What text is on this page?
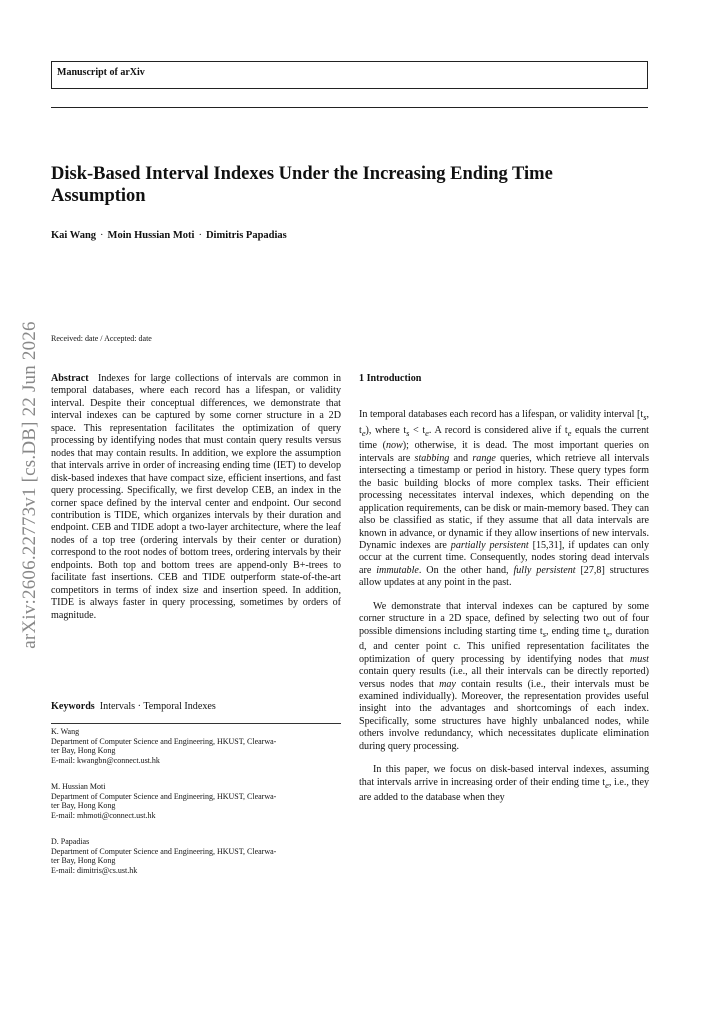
Manuscript of arXiv
Disk-Based Interval Indexes Under the Increasing Ending Time
Assumption
Kai Wang · Moin Hussian Moti · Dimitris Papadias
arXiv:2606.22773v1 [cs.DB] 22 Jun 2026	Received: date / Accepted: date

Abstract Indexes for large collections of intervals are common in temporal databases, where each record has a lifespan, or validity interval. Despite their conceptual differences, we demonstrate that interval indexes can be captured by some corner structure in a 2D space. This representation facilitates the optimization of query processing by identifying nodes that must contain query results versus nodes that may contain results. In addition, we explore the assumption that intervals arrive in order of increasing ending time (IET) to develop disk-based indexes that have compact size, efficient insertions, and fast query processing. Specifically, we first develop CEB, an index in the corner space defined by the interval center and endpoint. Our second contribution is TIDE, which organizes intervals by their duration and endpoint. CEB and TIDE adopt a two-layer architecture, where the leaf nodes of a top tree (ordering intervals by their center or duration) correspond to the root nodes of bottom trees, ordering intervals by their endpoints. Both top and bottom trees are append-only B+-trees to facilitate fast insertions. CEB and TIDE outperform state-of-the-art competitors in terms of index size and insertion speed. In addition, TIDE is always faster in query processing, sometimes by orders of magnitude.

Keywords Intervals · Temporal Indexes
K. Wang
Department of Computer Science and Engineering, HKUST, Clearwa-
ter Bay, Hong Kong
E-mail: kwangbn@connect.ust.hk
M. Hussian Moti
Department of Computer Science and Engineering, HKUST, Clearwa-
ter Bay, Hong Kong
E-mail: mhmoti@connect.ust.hk
D. Papadias
Department of Computer Science and Engineering, HKUST, Clearwa-
ter Bay, Hong Kong
E-mail: dimitris@cs.ust.hk

1 Introduction

In temporal databases each record has a lifespan, or validity interval [$t_s$, $t_e$), where $t_s < t_e$. A record is considered alive if $t_e$ equals the current time (now); otherwise, it is dead. The most important queries on intervals are stabbing and range queries, which retrieve all intervals intersecting a timestamp or period in history. These query types form the basic building blocks of more complex tasks. Their efficient processing necessitates interval indexes, which depending on the application requirements, can be disk or main-memory based. They can also be classified as static, if they assume that all data intervals are known in advance, or dynamic if they allow insertions of new intervals. Dynamic indexes are partially persistent [15,31], if updates can only occur at the current time. Consequently, nodes storing dead intervals are immutable. On the other hand, fully persistent [27,8] structures allow updates at any point in the past.

We demonstrate that interval indexes can be captured by some corner structure in a 2D space, defined by selecting two out of four possible dimensions including starting time $t_s$, ending time $t_e$, duration d, and center point c. This unified representation facilitates the optimization of query processing by identifying nodes that must contain query results (i.e., all their intervals can be directly reported) versus nodes that may contain results (i.e., their intervals must be examined individually). Moreover, the representation provides useful insight into the advantages and shortcomings of each index. Specifically, some structures have highly unbalanced nodes, while others involve redundancy, which necessitates duplicate elimination during query processing.

In this paper, we focus on disk-based interval indexes, assuming that intervals arrive in increasing order of their ending time $t_e$, i.e., they are added to the database when they
